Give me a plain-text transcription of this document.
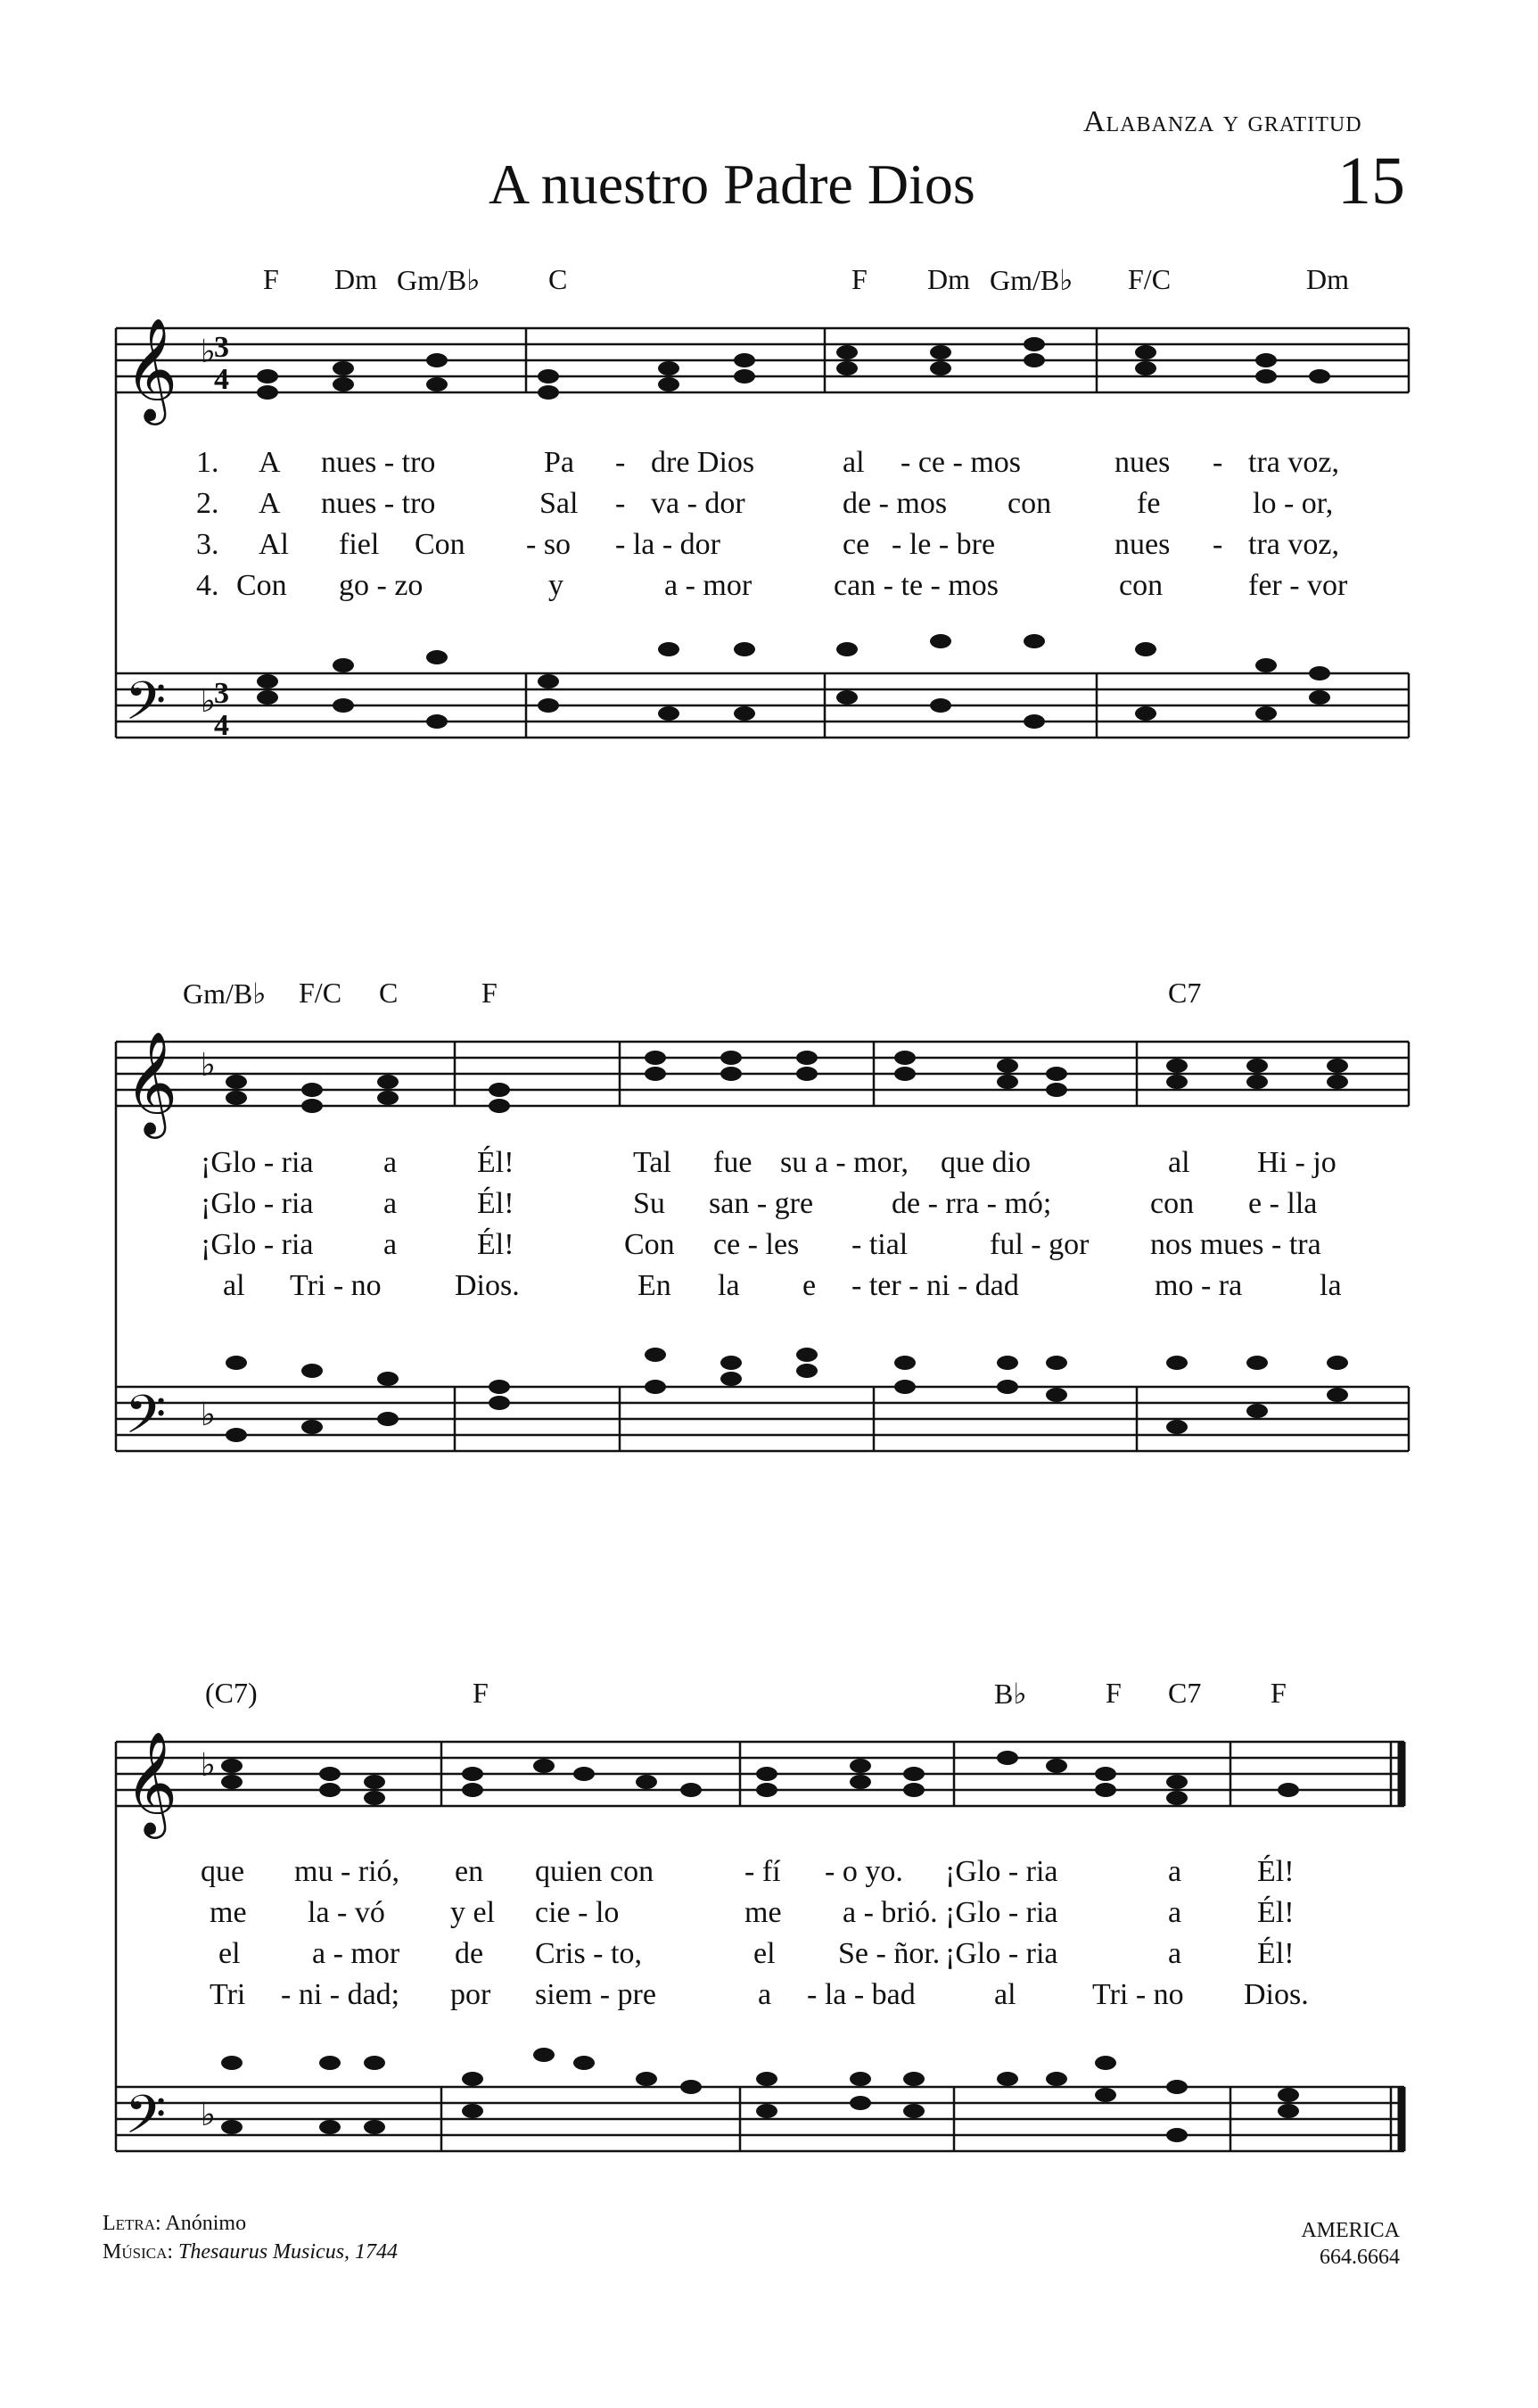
Alabanza y gratitud
A nuestro Padre Dios	15
F Dm Gm/B♭ C	F Dm Gm/B♭ F/C	Dm
𝄞
𝄢
♭
♭
3
4
3
4
1. A nues - tro	Pa - dre Dios	al - ce - mos	nues - tra voz,
2. A nues - tro	Sal - va - dor	de - mos con	fe	lo - or,
3. Al fiel Con - so - la - dor	ce - le - bre	nues - tra voz,
4. Con go - zo	y	a - mor	can - te - mos	con	fer - vor
Gm/B♭ F/C C	F	C7
𝄞
𝄢
♭
♭
¡Glo - ria a	Él!	Tal fue su a - mor, que dio	al Hi - jo
¡Glo - ria a	Él!	Su san - gre	de - rra - mó;	con e - lla
¡Glo - ria a	Él!	Con ce - les - tial	ful - gor nos mues - tra
al Tri - no Dios.	En la e - ter - ni - dad	mo - ra	la
(C7)	F	B♭	F C7 F
𝄞
𝄢
♭
♭
que mu - rió, en quien con	- fí - o yo. ¡Glo - ria	a Él!
me la - vó y el cie - lo	me a - brió. ¡Glo - ria	a Él!
el a - mor de Cris - to,	el Se - ñor. ¡Glo - ria	a Él!
Tri - ni - dad; por siem - pre	a - la - bad	al	Tri - no Dios.
Letra: Anónimo
Música: Thesaurus Musicus, 1744
AMERICA
664.6664
